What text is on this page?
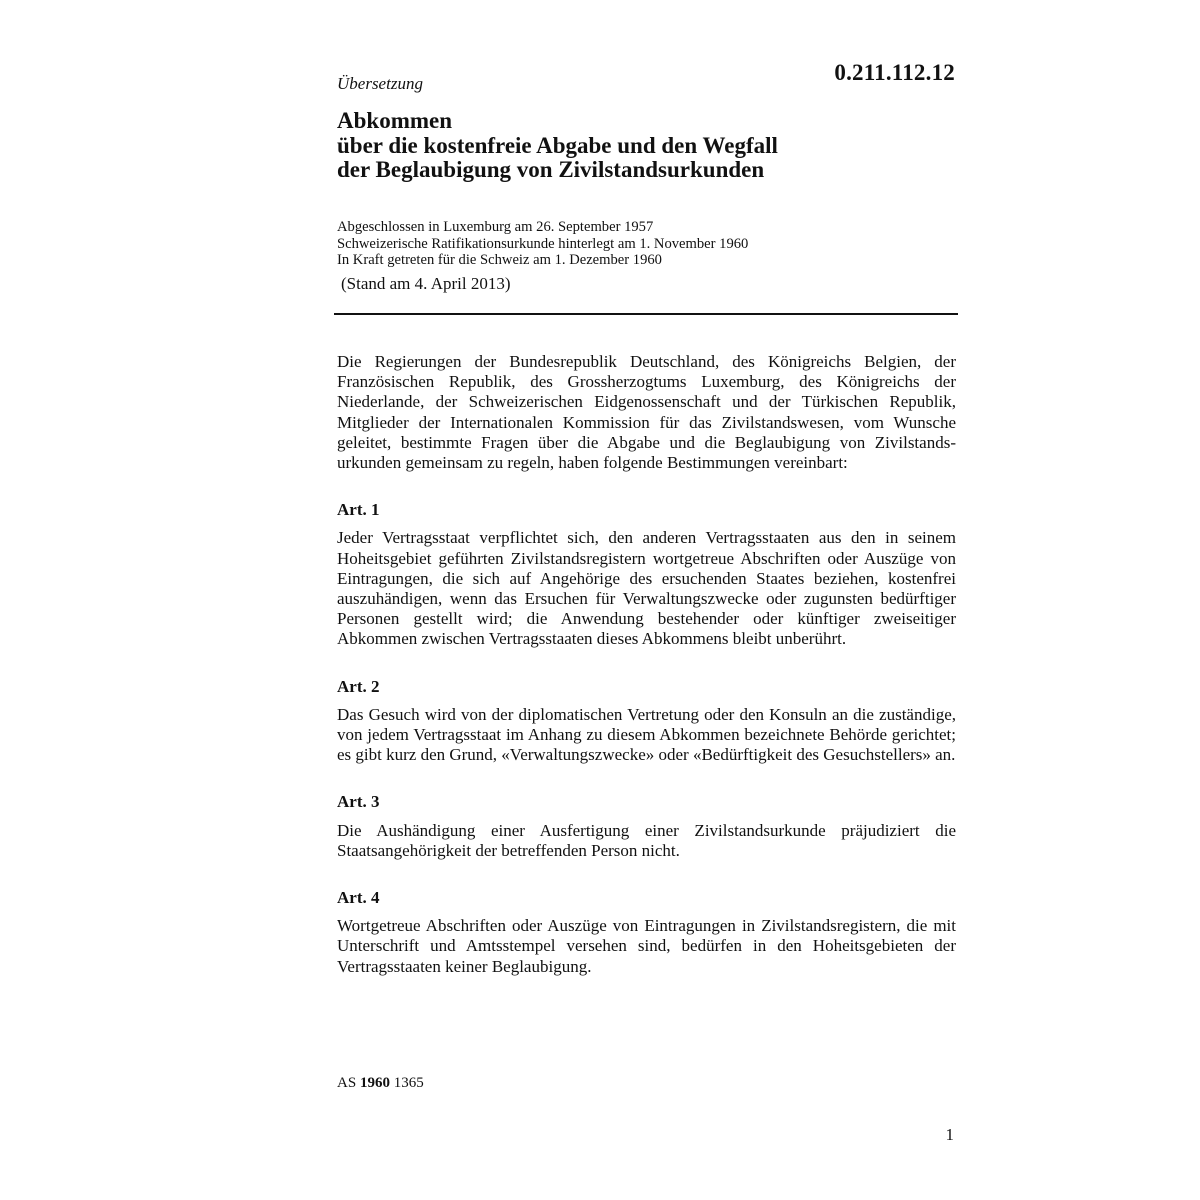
0.211.112.12
Übersetzung
Abkommen
über die kostenfreie Abgabe und den Wegfall
der Beglaubigung von Zivilstandsurkunden
Abgeschlossen in Luxemburg am 26. September 1957
Schweizerische Ratifikationsurkunde hinterlegt am 1. November 1960
In Kraft getreten für die Schweiz am 1. Dezember 1960
(Stand am 4. April 2013)

Die Regierungen der Bundesrepublik Deutschland, des Königreichs Belgien, der Französischen Republik, des Grossherzogtums Luxemburg, des Königreichs der Niederlande, der Schweizerischen Eidgenossenschaft und der Türkischen Republik, Mitglieder der Internationalen Kommission für das Zivilstandswesen, vom Wunsche geleitet, bestimmte Fragen über die Abgabe und die Beglaubigung von Zivilstandsurkunden gemeinsam zu regeln, haben folgende Bestimmungen vereinbart:

Art. 1

Jeder Vertragsstaat verpflichtet sich, den anderen Vertragsstaaten aus den in seinem Hoheitsgebiet geführten Zivilstandsregistern wortgetreue Abschriften oder Auszüge von Eintragungen, die sich auf Angehörige des ersuchenden Staates beziehen, kostenfrei auszuhändigen, wenn das Ersuchen für Verwaltungszwecke oder zugunsten bedürftiger Personen gestellt wird; die Anwendung bestehender oder künftiger zweiseitiger Abkommen zwischen Vertragsstaaten dieses Abkommens bleibt unberührt.

Art. 2

Das Gesuch wird von der diplomatischen Vertretung oder den Konsuln an die zuständige, von jedem Vertragsstaat im Anhang zu diesem Abkommen bezeichnete Behörde gerichtet; es gibt kurz den Grund, «Verwaltungszwecke» oder «Bedürftigkeit des Gesuchstellers» an.

Art. 3

Die Aushändigung einer Ausfertigung einer Zivilstandsurkunde präjudiziert die Staatsangehörigkeit der betreffenden Person nicht.

Art. 4

Wortgetreue Abschriften oder Auszüge von Eintragungen in Zivilstandsregistern, die mit Unterschrift und Amtsstempel versehen sind, bedürfen in den Hoheitsgebieten der Vertragsstaaten keiner Beglaubigung.

AS 1960 1365
1
